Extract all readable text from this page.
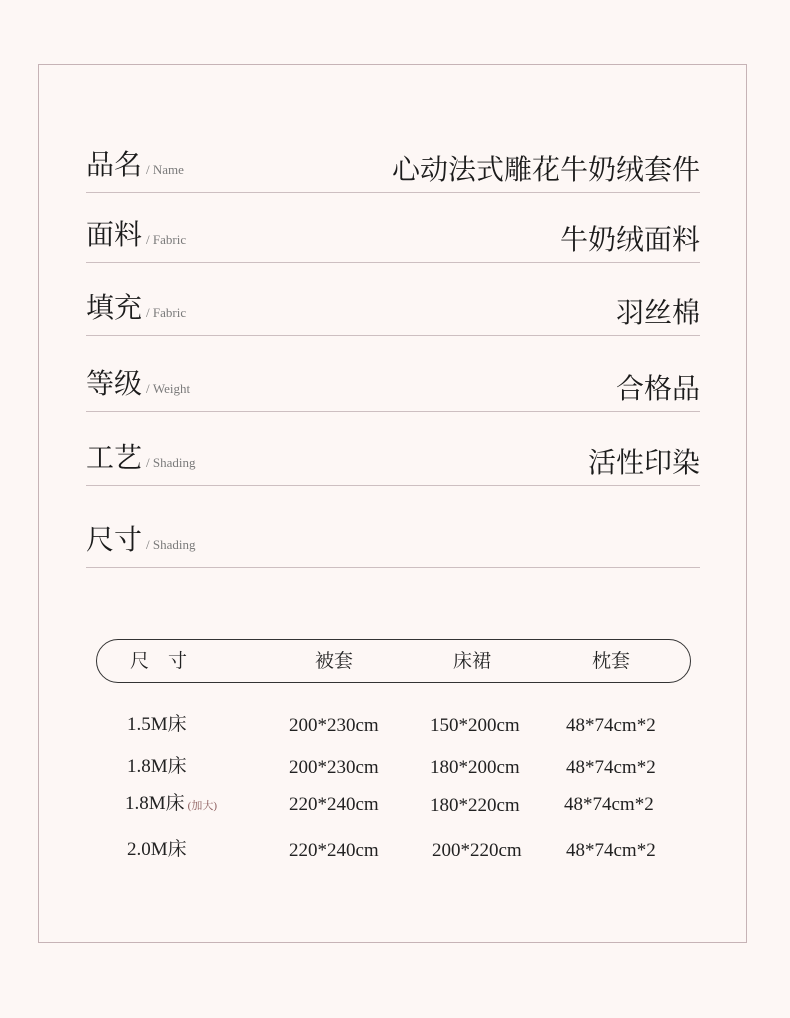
品名 / Name	心动法式雕花牛奶绒套件
面料 / Fabric	牛奶绒面料
填充 / Fabric	羽丝棉
等级 / Weight	合格品
工艺 / Shading	活性印染
尺寸 / Shading
尺　寸	被套	床裙	枕套
1.5M床	200*230cm	150*200cm 48*74cm*2
1.8M床	200*230cm	180*200cm 48*74cm*2
1.8M床 (加大)	220*240cm	180*220cm 48*74cm*2
2.0M床	220*240cm	200*220cm 48*74cm*2
